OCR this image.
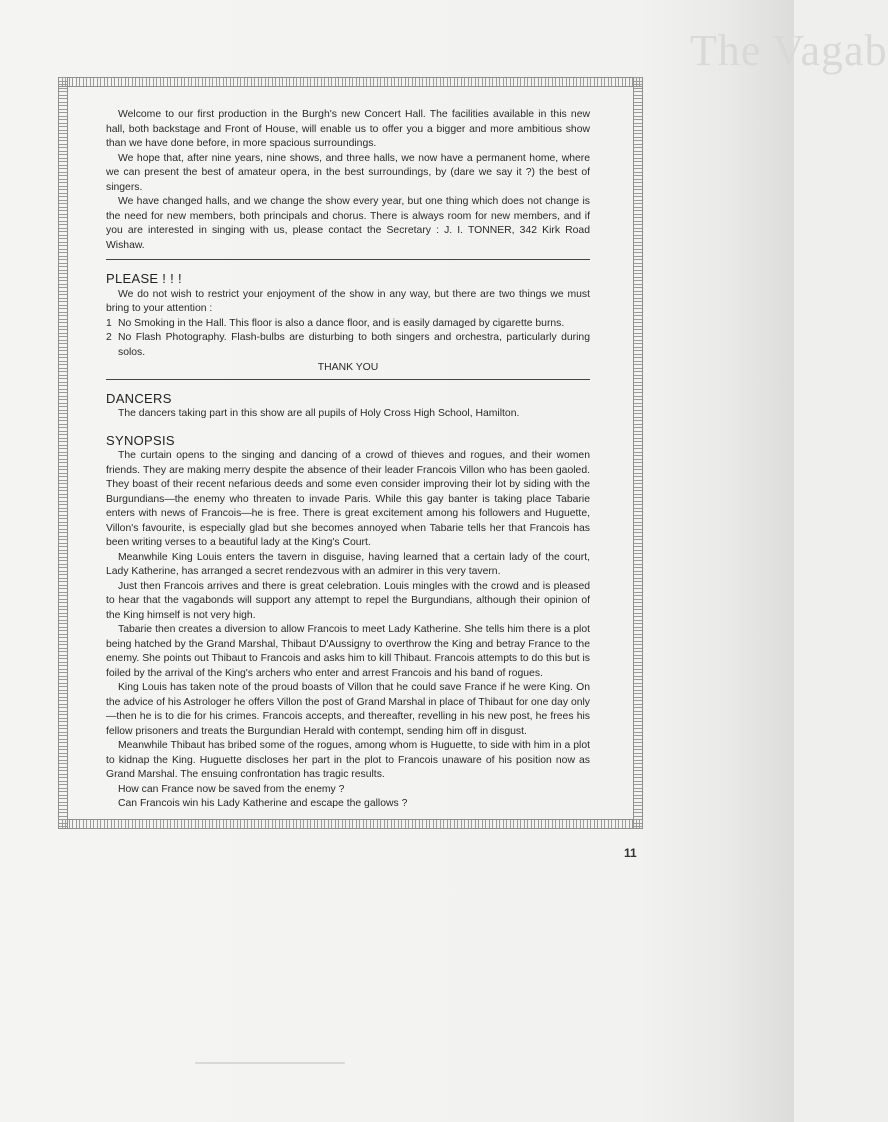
The Vagab

Welcome to our first production in the Burgh's new Concert Hall. The facilities available in this new hall, both backstage and Front of House, will enable us to offer you a bigger and more ambitious show than we have done before, in more spacious surroundings.

We hope that, after nine years, nine shows, and three halls, we now have a permanent home, where we can present the best of amateur opera, in the best surroundings, by (dare we say it ?) the best of singers.

We have changed halls, and we change the show every year, but one thing which does not change is the need for new members, both principals and chorus. There is always room for new members, and if you are interested in singing with us, please contact the Secretary : J. I. TONNER, 342 Kirk Road Wishaw.

PLEASE ! ! !

We do not wish to restrict your enjoyment of the show in any way, but there are two things we must bring to your attention :

1 No Smoking in the Hall. This floor is also a dance floor, and is easily damaged by cigarette burns.
2 No Flash Photography. Flash-bulbs are disturbing to both singers and orchestra, particularly during solos.
THANK YOU
DANCERS

The dancers taking part in this show are all pupils of Holy Cross High School, Hamilton.

SYNOPSIS

The curtain opens to the singing and dancing of a crowd of thieves and rogues, and their women friends. They are making merry despite the absence of their leader Francois Villon who has been gaoled. They boast of their recent nefarious deeds and some even consider improving their lot by siding with the Burgundians—the enemy who threaten to invade Paris. While this gay banter is taking place Tabarie enters with news of Francois—he is free. There is great excitement among his followers and Huguette, Villon's favourite, is especially glad but she becomes annoyed when Tabarie tells her that Francois has been writing verses to a beautiful lady at the King's Court.

Meanwhile King Louis enters the tavern in disguise, having learned that a certain lady of the court, Lady Katherine, has arranged a secret rendezvous with an admirer in this very tavern.

Just then Francois arrives and there is great celebration. Louis mingles with the crowd and is pleased to hear that the vagabonds will support any attempt to repel the Burgundians, although their opinion of the King himself is not very high.

Tabarie then creates a diversion to allow Francois to meet Lady Katherine. She tells him there is a plot being hatched by the Grand Marshal, Thibaut D'Aussigny to overthrow the King and betray France to the enemy. She points out Thibaut to Francois and asks him to kill Thibaut. Francois attempts to do this but is foiled by the arrival of the King's archers who enter and arrest Francois and his band of rogues.

King Louis has taken note of the proud boasts of Villon that he could save France if he were King. On the advice of his Astrologer he offers Villon the post of Grand Marshal in place of Thibaut for one day only—then he is to die for his crimes. Francois accepts, and thereafter, revelling in his new post, he frees his fellow prisoners and treats the Burgundian Herald with contempt, sending him off in disgust.

Meanwhile Thibaut has bribed some of the rogues, among whom is Huguette, to side with him in a plot to kidnap the King. Huguette discloses her part in the plot to Francois unaware of his position now as Grand Marshal. The ensuing confrontation has tragic results.

How can France now be saved from the enemy ?

Can Francois win his Lady Katherine and escape the gallows ?

11
